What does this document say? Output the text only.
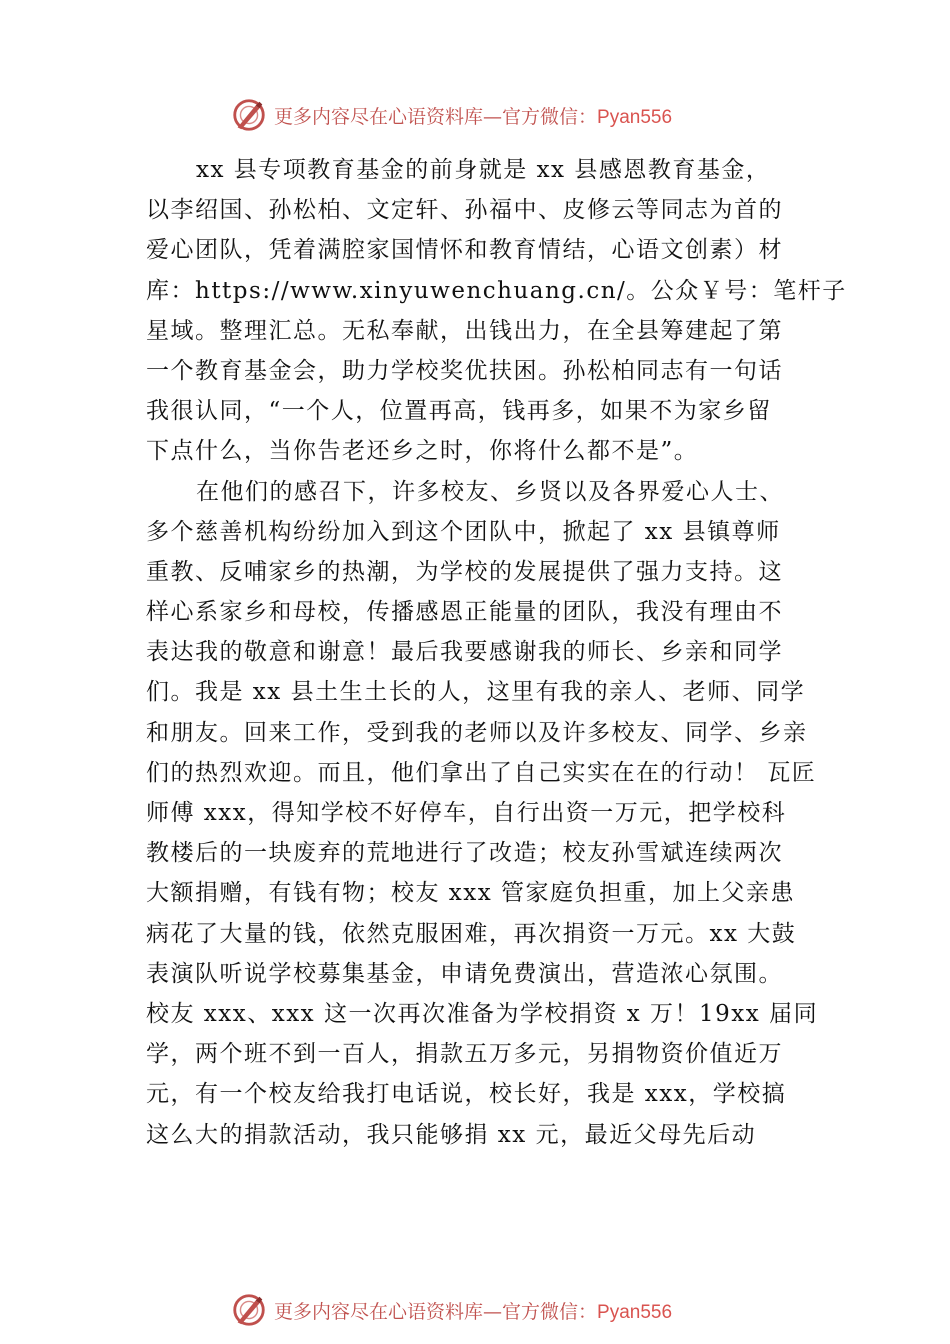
更多内容尽在心语资料库—官方微信：Pyan556
xx 县专项教育基金的前身就是 xx 县感恩教育基金，
以李绍国、孙松柏、文定轩、孙福中、皮修云等同志为首的
爱心团队，凭着满腔家国情怀和教育情结，心语文创素）材
库：https://www.xinyuwenchuang.cn/。公众￥号：笔杆子
星域。整理汇总。无私奉献，出钱出力，在全县筹建起了第
一个教育基金会，助力学校奖优扶困。孙松柏同志有一句话
我很认同，“一个人，位置再高，钱再多，如果不为家乡留
下点什么，当你告老还乡之时，你将什么都不是”。
在他们的感召下，许多校友、乡贤以及各界爱心人士、
多个慈善机构纷纷加入到这个团队中，掀起了 xx 县镇尊师
重教、反哺家乡的热潮，为学校的发展提供了强力支持。这
样心系家乡和母校，传播感恩正能量的团队，我没有理由不
表达我的敬意和谢意！最后我要感谢我的师长、乡亲和同学
们。我是 xx 县土生土长的人，这里有我的亲人、老师、同学
和朋友。回来工作，受到我的老师以及许多校友、同学、乡亲
们的热烈欢迎。而且，他们拿出了自己实实在在的行动！ 瓦匠
师傅 xxx，得知学校不好停车，自行出资一万元，把学校科
教楼后的一块废弃的荒地进行了改造；校友孙雪斌连续两次
大额捐赠，有钱有物；校友 xxx 管家庭负担重，加上父亲患
病花了大量的钱，依然克服困难，再次捐资一万元。xx 大鼓
表演队听说学校募集基金，申请免费演出，营造浓心氛围。
校友 xxx、xxx 这一次再次准备为学校捐资 x 万！19xx 届同
学，两个班不到一百人，捐款五万多元，另捐物资价值近万
元，有一个校友给我打电话说，校长好，我是 xxx，学校搞
这么大的捐款活动，我只能够捐 xx 元，最近父母先后动
更多内容尽在心语资料库—官方微信：Pyan556
